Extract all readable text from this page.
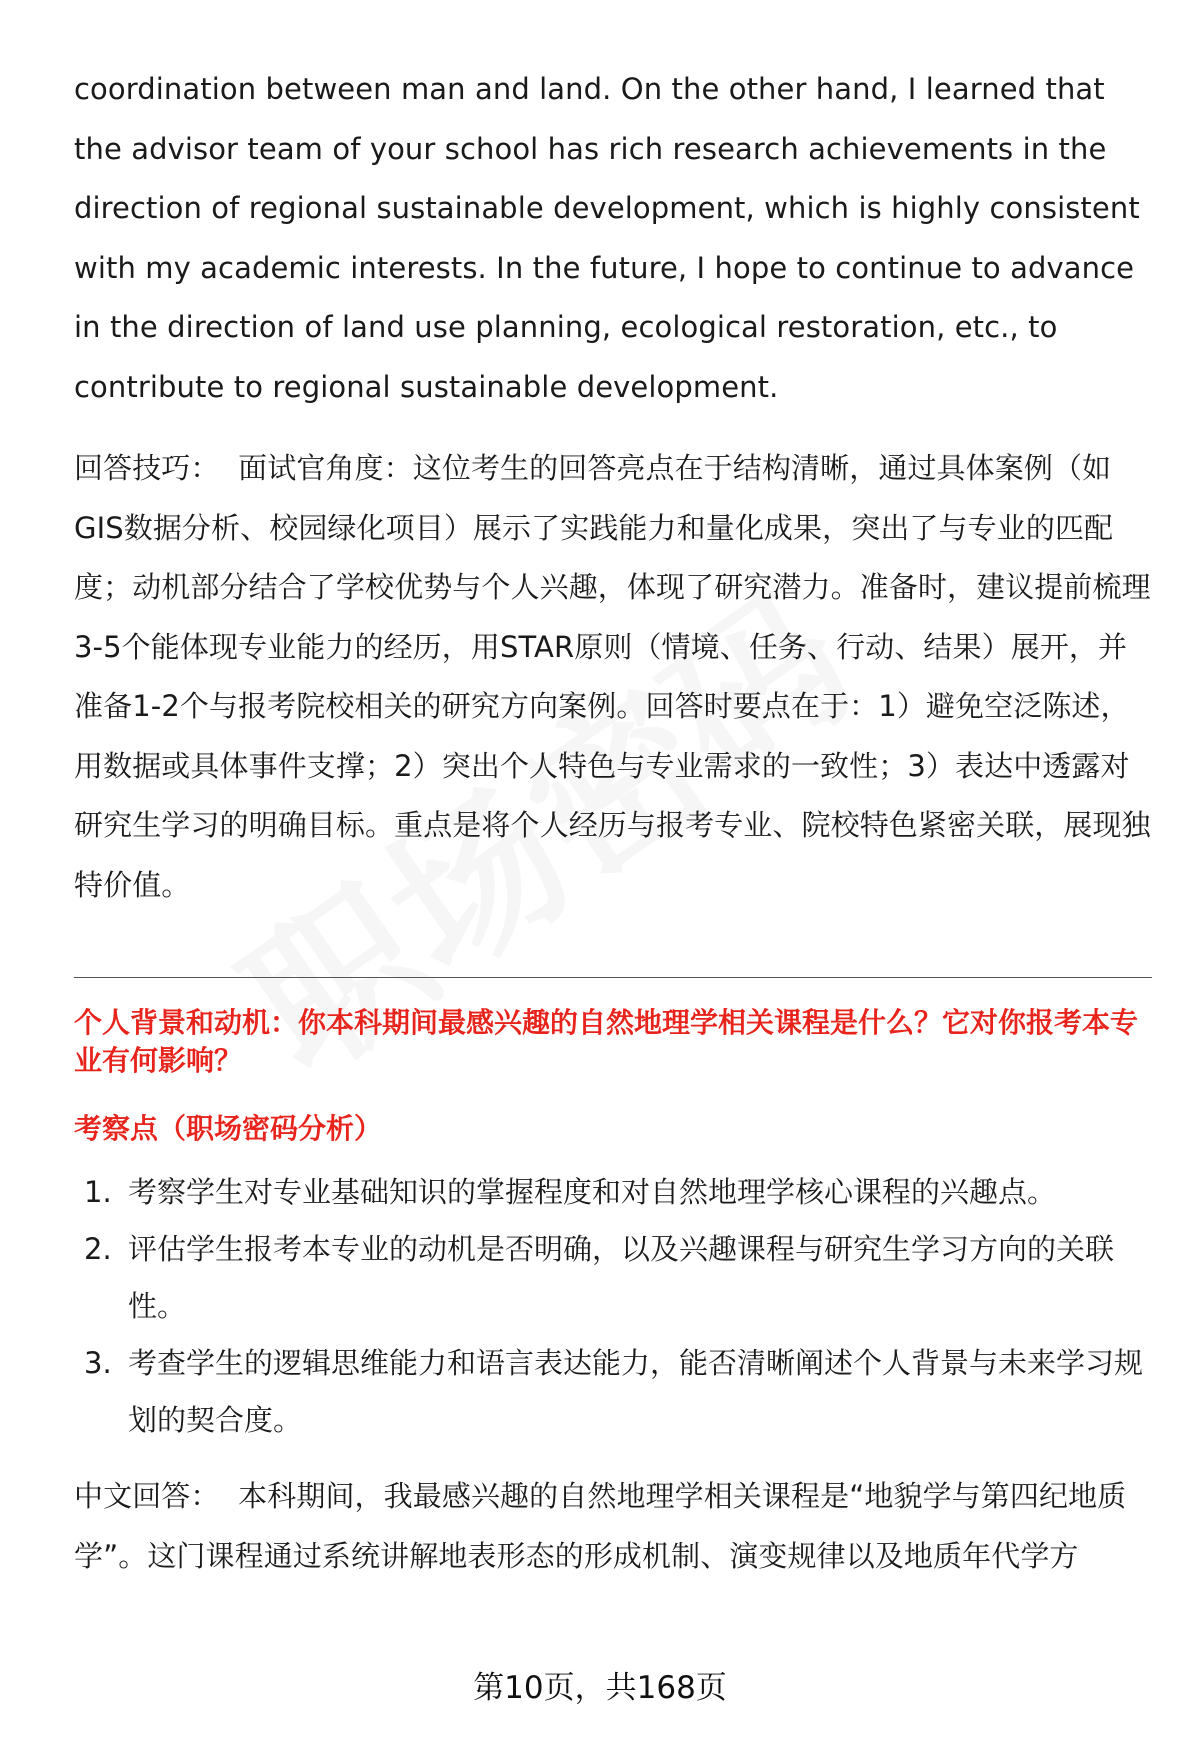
coordination between man and land. On the other hand, I learned that the advisor team of your school has rich research achievements in the direction of regional sustainable development, which is highly consistent with my academic interests. In the future, I hope to continue to advance in the direction of land use planning, ecological restoration, etc., to contribute to regional sustainable development.

回答技巧： 面试官角度：这位考生的回答亮点在于结构清晰，通过具体案例（如GIS数据分析、校园绿化项目）展示了实践能力和量化成果，突出了与专业的匹配度；动机部分结合了学校优势与个人兴趣，体现了研究潜力。准备时，建议提前梳理3-5个能体现专业能力的经历，用STAR原则（情境、任务、行动、结果）展开，并准备1-2个与报考院校相关的研究方向案例。回答时要点在于：1）避免空泛陈述，用数据或具体事件支撑；2）突出个人特色与专业需求的一致性；3）表达中透露对研究生学习的明确目标。重点是将个人经历与报考专业、院校特色紧密关联，展现独特价值。

个人背景和动机：你本科期间最感兴趣的自然地理学相关课程是什么？它对你报考本专业有何影响？

考察点（职场密码分析）

1. 考察学生对专业基础知识的掌握程度和对自然地理学核心课程的兴趣点。
2. 评估学生报考本专业的动机是否明确，以及兴趣课程与研究生学习方向的关联性。
3. 考查学生的逻辑思维能力和语言表达能力，能否清晰阐述个人背景与未来学习规划的契合度。

中文回答： 本科期间，我最感兴趣的自然地理学相关课程是“地貌学与第四纪地质学”。这门课程通过系统讲解地表形态的形成机制、演变规律以及地质年代学方

第10页，共168页
